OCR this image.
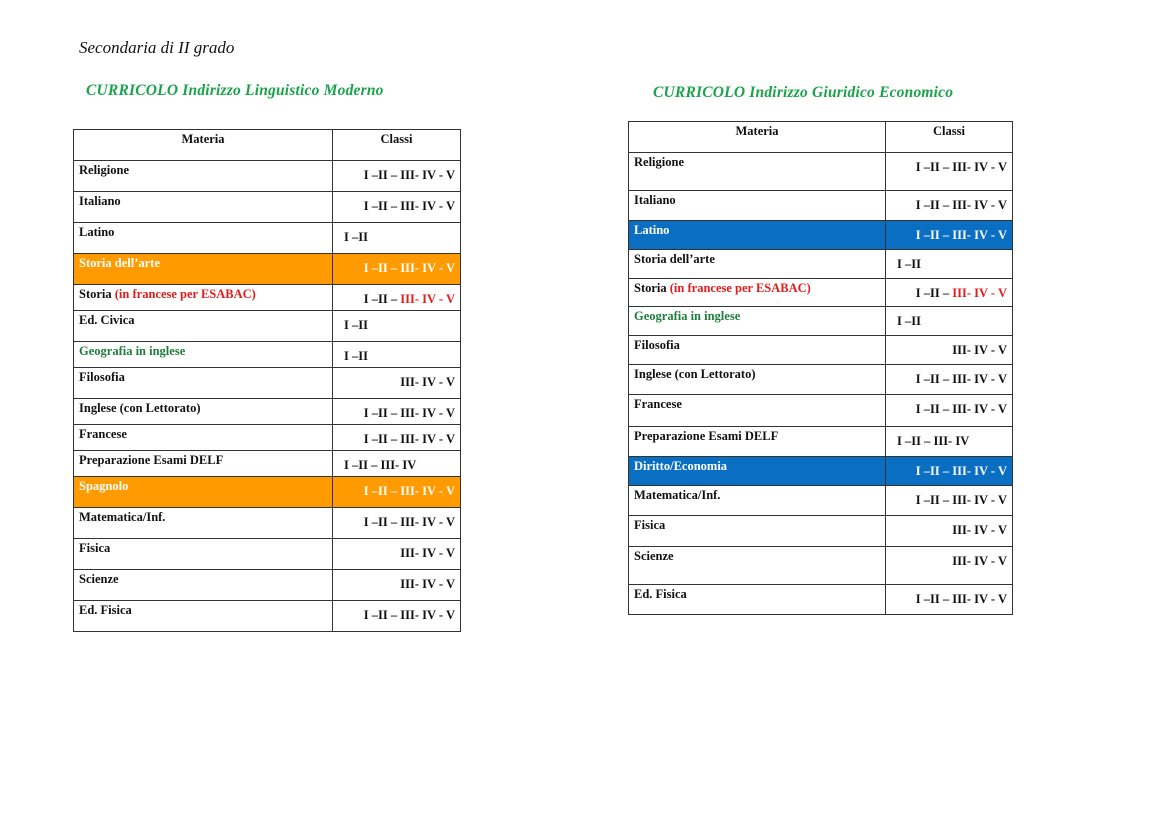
Secondaria di II grado
CURRICOLO Indirizzo Linguistico Moderno	CURRICOLO Indirizzo Giuridico Economico
Materia	Classi
Religione	I –II – III- IV - V
Italiano	I –II – III- IV - V
Latino	I –II
Storia dell’arte	I –II – III- IV - V
Storia (in francese per ESABAC)	I –II – III- IV - V
Ed. Civica	I –II
Geografia in inglese	I –II
Filosofia	III- IV - V
Inglese (con Lettorato)	I –II – III- IV - V
Francese	I –II – III- IV - V
Preparazione Esami DELF	I –II – III- IV
Spagnolo	I –II – III- IV - V
Matematica/Inf.	I –II – III- IV - V
Fisica	III- IV - V
Scienze	III- IV - V
Ed. Fisica	I –II – III- IV - V
Materia	Classi
Religione	I –II – III- IV - V
Italiano	I –II – III- IV - V
Latino	I –II – III- IV - V
Storia dell’arte	I –II
Storia (in francese per ESABAC)	I –II – III- IV - V
Geografia in inglese	I –II
Filosofia	III- IV - V
Inglese (con Lettorato)	I –II – III- IV - V
Francese	I –II – III- IV - V
Preparazione Esami DELF	I –II – III- IV
Diritto/Economia	I –II – III- IV - V
Matematica/Inf.	I –II – III- IV - V
Fisica	III- IV - V
Scienze	III- IV - V
Ed. Fisica	I –II – III- IV - V
